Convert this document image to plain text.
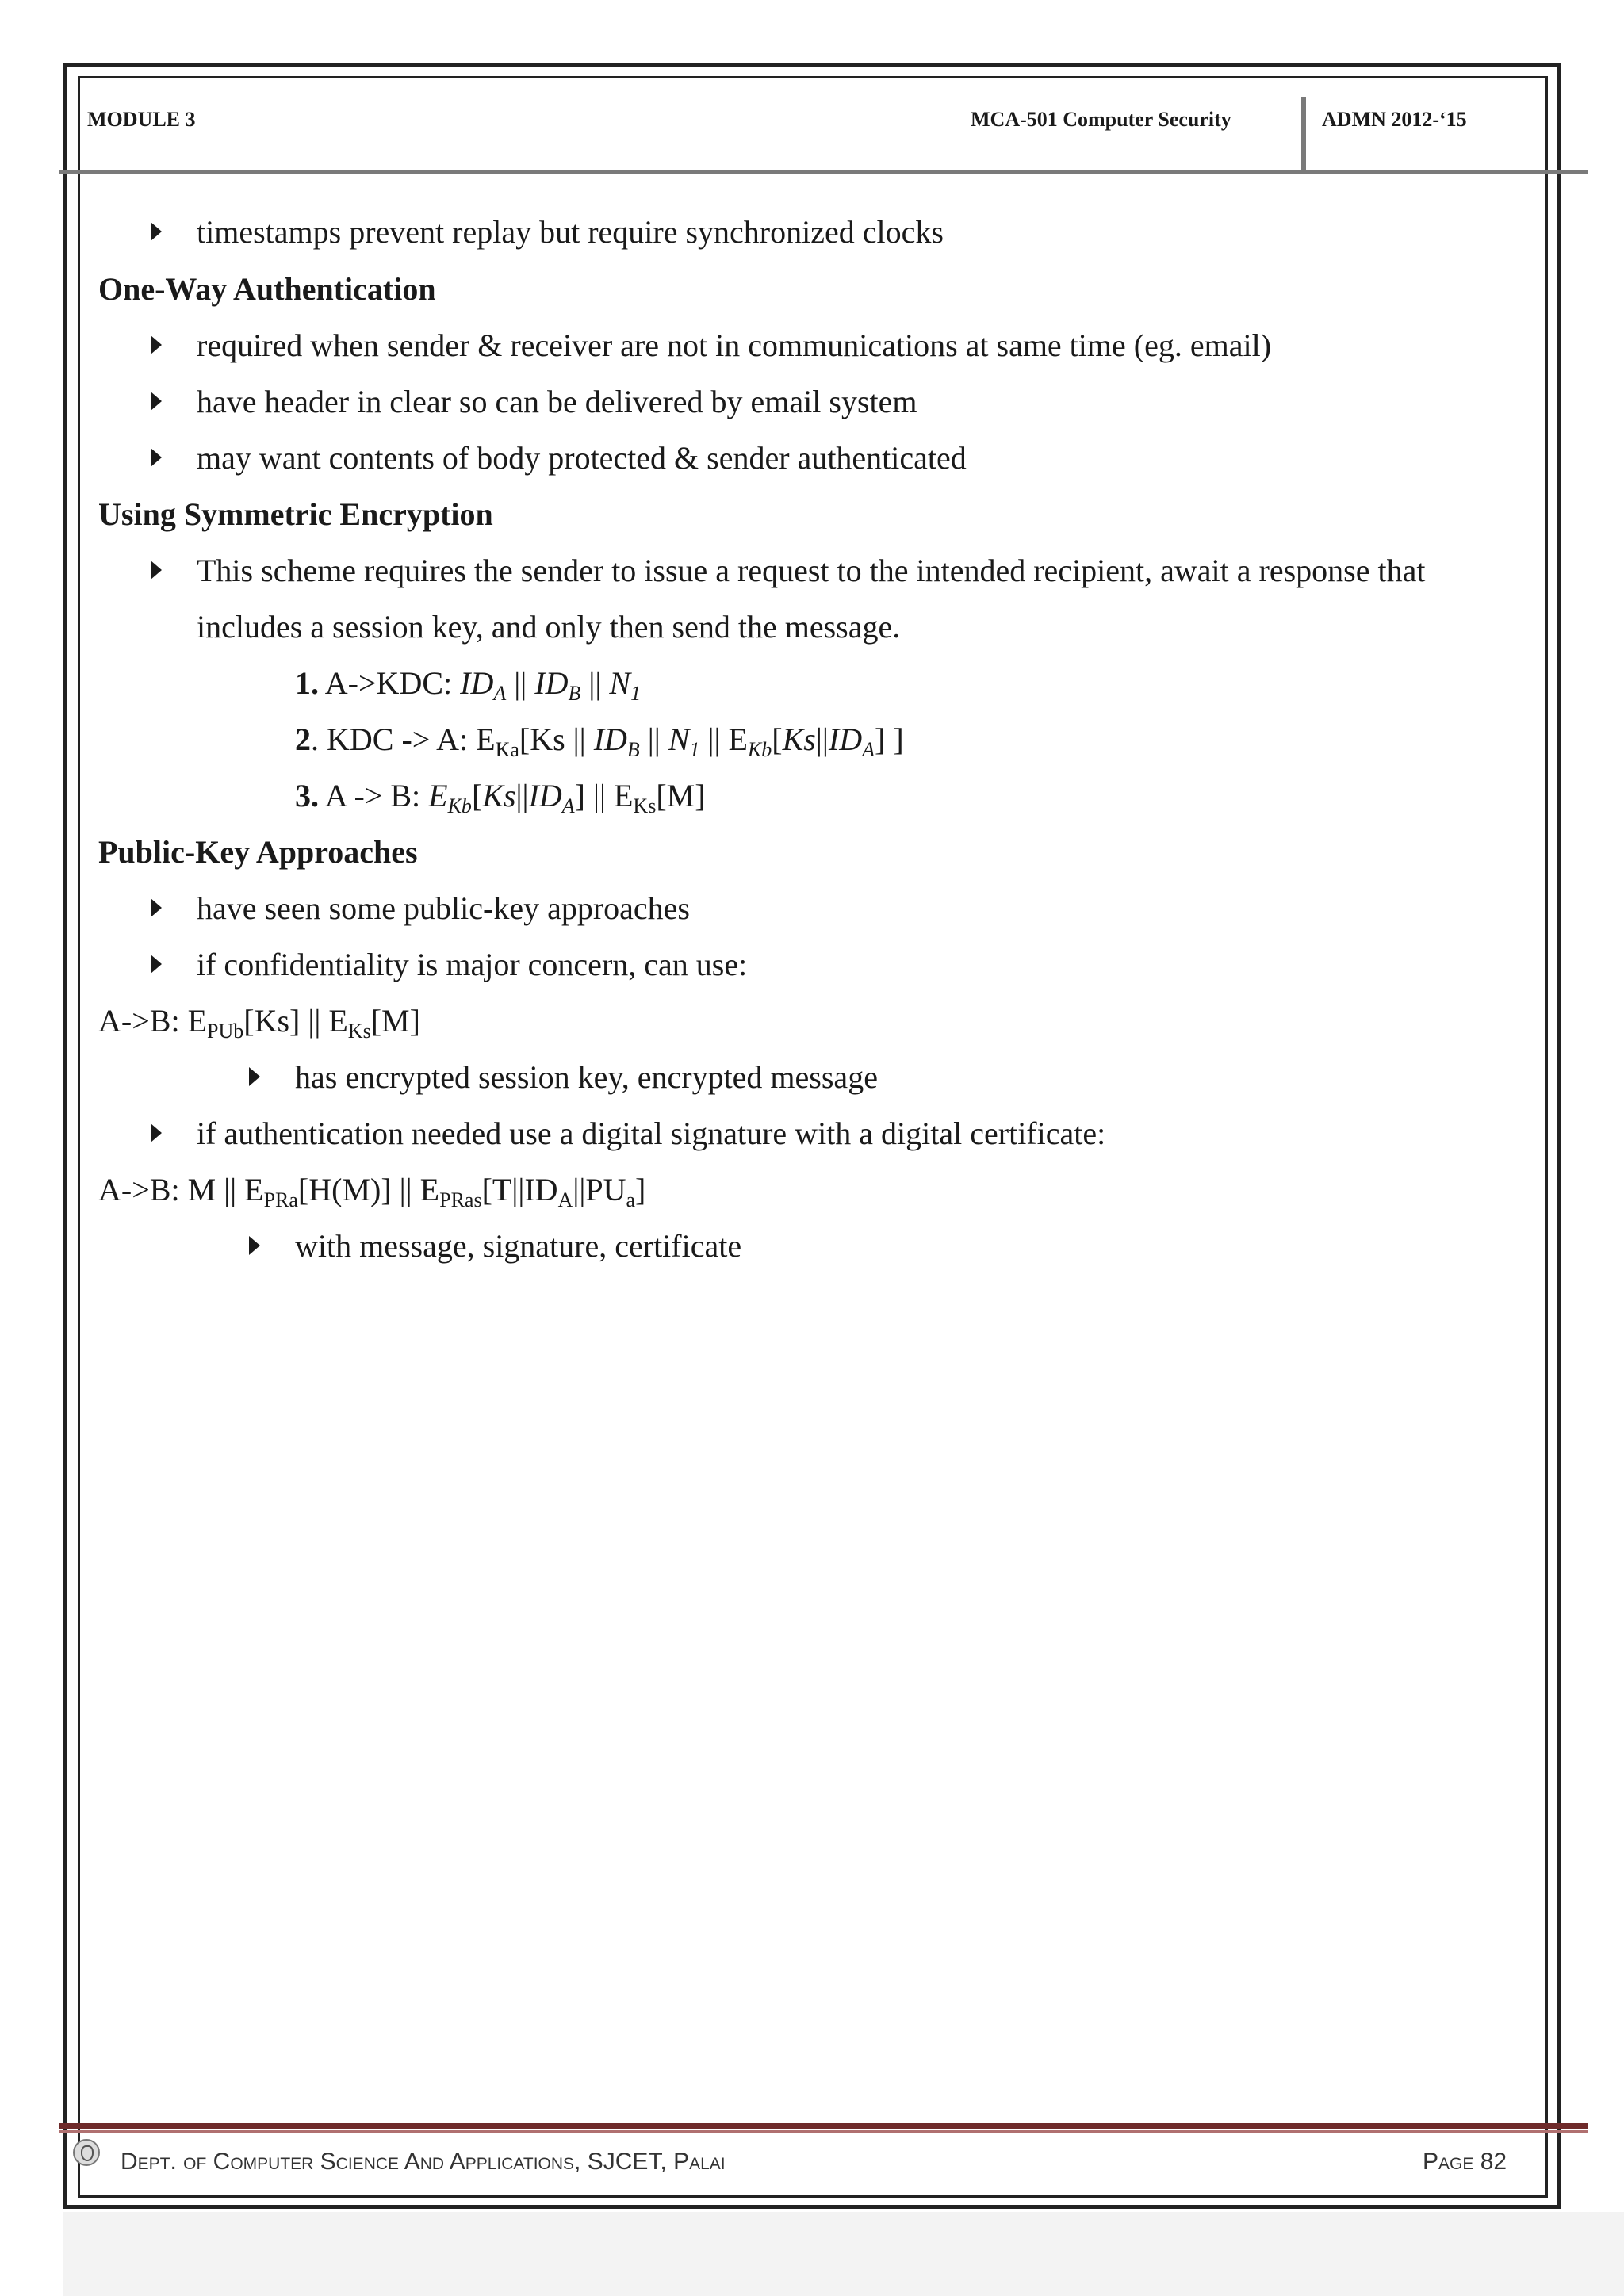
MODULE 3	MCA-501 Computer Security	ADMN 2012-‘15
timestamps prevent replay but require synchronized clocks
One-Way Authentication
required when sender & receiver are not in communications at same time (eg. email)
have header in clear so can be delivered by email system
may want contents of body protected & sender authenticated
Using Symmetric Encryption
This scheme requires the sender to issue a request to the intended recipient, await a response that
includes a session key, and only then send the message.
1. A->KDC: $ID_A$ || $ID_B$ || $N_1$
2. KDC -> A: $E_{Ka}[Ks$ || $ID_B$ || $N_1$ || $E_{Kb}[Ks||ID_A]$ ]
3. A -> B: $E_{Kb}[Ks||ID_A]$ || $E_{Ks}[M]$
Public-Key Approaches
have seen some public-key approaches
if confidentiality is major concern, can use:
A->B: $E_{PUb}[Ks]$ || $E_{Ks}[M]$
has encrypted session key, encrypted message
if authentication needed use a digital signature with a digital certificate:
A->B: M || $E_{PRa}[H(M)]$ || $E_{PRas}[T||ID_A||PU_a]$
with message, signature, certificate
Dept. of Computer Science And Applications, SJCET, Palai	Page 82
